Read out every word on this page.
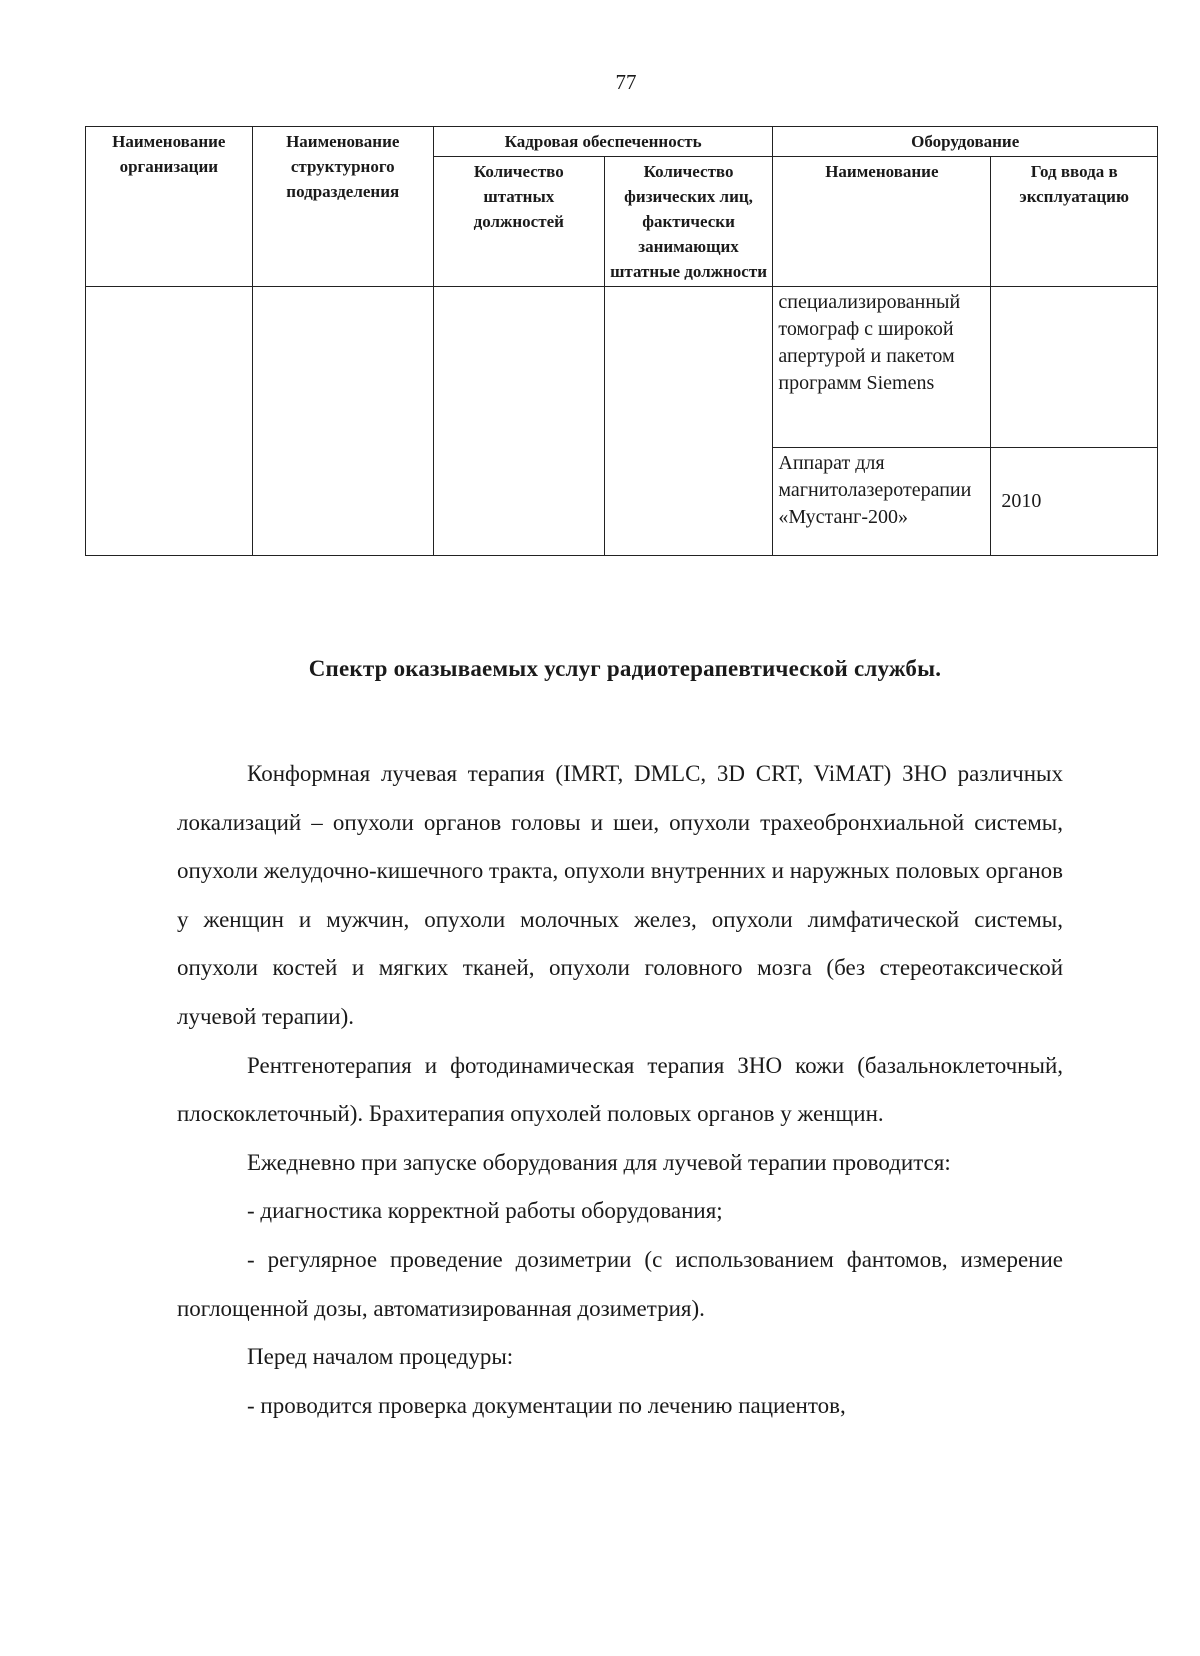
77
Наименование организации	Наименование структурного подразделения	Кадровая обеспеченность		Оборудование	
		Количество штатных должностей	Количество физических лиц, фактически занимающих штатные должности	Наименование	Год ввода в эксплуатацию
				специализированный томограф с широкой апертурой и пакетом программ Siemens	
				Аппарат для магнитолазеротерапии «Мустанг-200»	2010
Спектр оказываемых услуг радиотерапевтической службы.

Конформная лучевая терапия (IMRT, DMLC, 3D CRT, ViMAT) ЗНО различных локализаций – опухоли органов головы и шеи, опухоли трахеобронхиальной системы, опухоли желудочно-кишечного тракта, опухоли внутренних и наружных половых органов у женщин и мужчин, опухоли молочных желез, опухоли лимфатической системы, опухоли костей и мягких тканей, опухоли головного мозга (без стереотаксической лучевой терапии).

Рентгенотерапия и фотодинамическая терапия ЗНО кожи (базальноклеточный, плоскоклеточный). Брахитерапия опухолей половых органов у женщин.

Ежедневно при запуске оборудования для лучевой терапии проводится:

- диагностика корректной работы оборудования;

- регулярное проведение дозиметрии (с использованием фантомов, измерение поглощенной дозы, автоматизированная дозиметрия).

Перед началом процедуры:

- проводится проверка документации по лечению пациентов,
